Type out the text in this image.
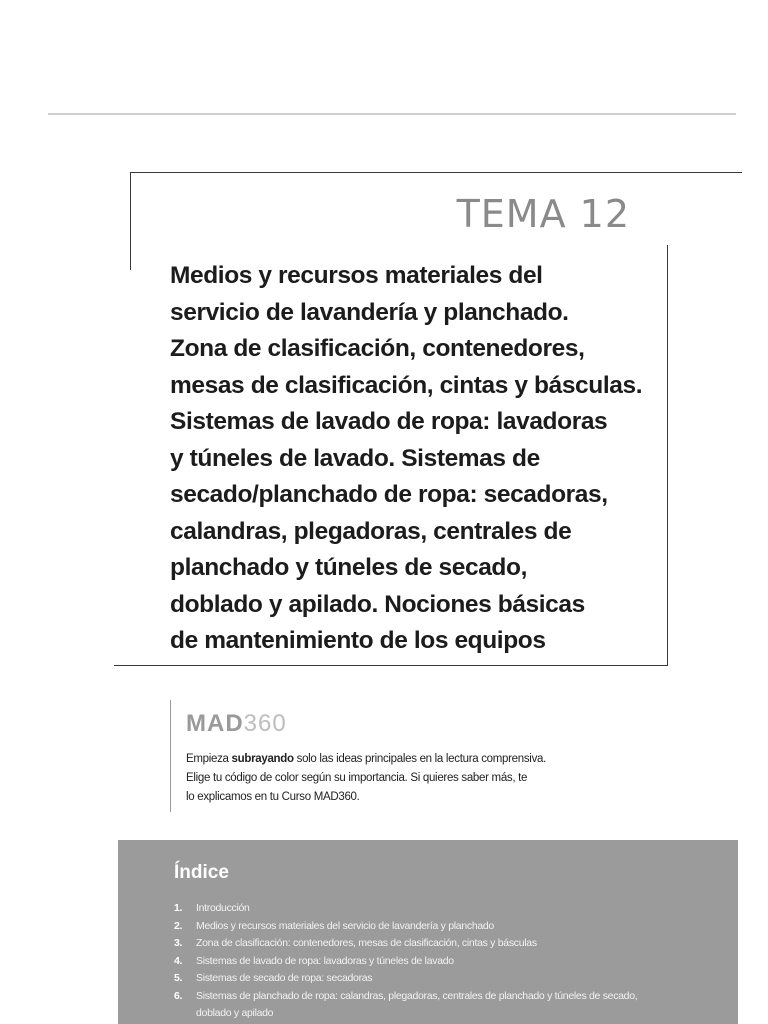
TEMA 12
Medios y recursos materiales del
servicio de lavandería y planchado.
Zona de clasificación, contenedores,
mesas de clasificación, cintas y básculas.
Sistemas de lavado de ropa: lavadoras
y túneles de lavado. Sistemas de
secado/planchado de ropa: secadoras,
calandras, plegadoras, centrales de
planchado y túneles de secado,
doblado y apilado. Nociones básicas
de mantenimiento de los equipos
MAD360
Empieza subrayando solo las ideas principales en la lectura comprensiva.
Elige tu código de color según su importancia. Si quieres saber más, te
lo explicamos en tu Curso MAD360.
Índice
1.	Introducción
2.	Medios y recursos materiales del servicio de lavandería y planchado
3.	Zona de clasificación: contenedores, mesas de clasificación, cintas y básculas
4.	Sistemas de lavado de ropa: lavadoras y túneles de lavado
5.	Sistemas de secado de ropa: secadoras
6.	Sistemas de planchado de ropa: calandras, plegadoras, centrales de planchado y túneles de secado, doblado y apilado
